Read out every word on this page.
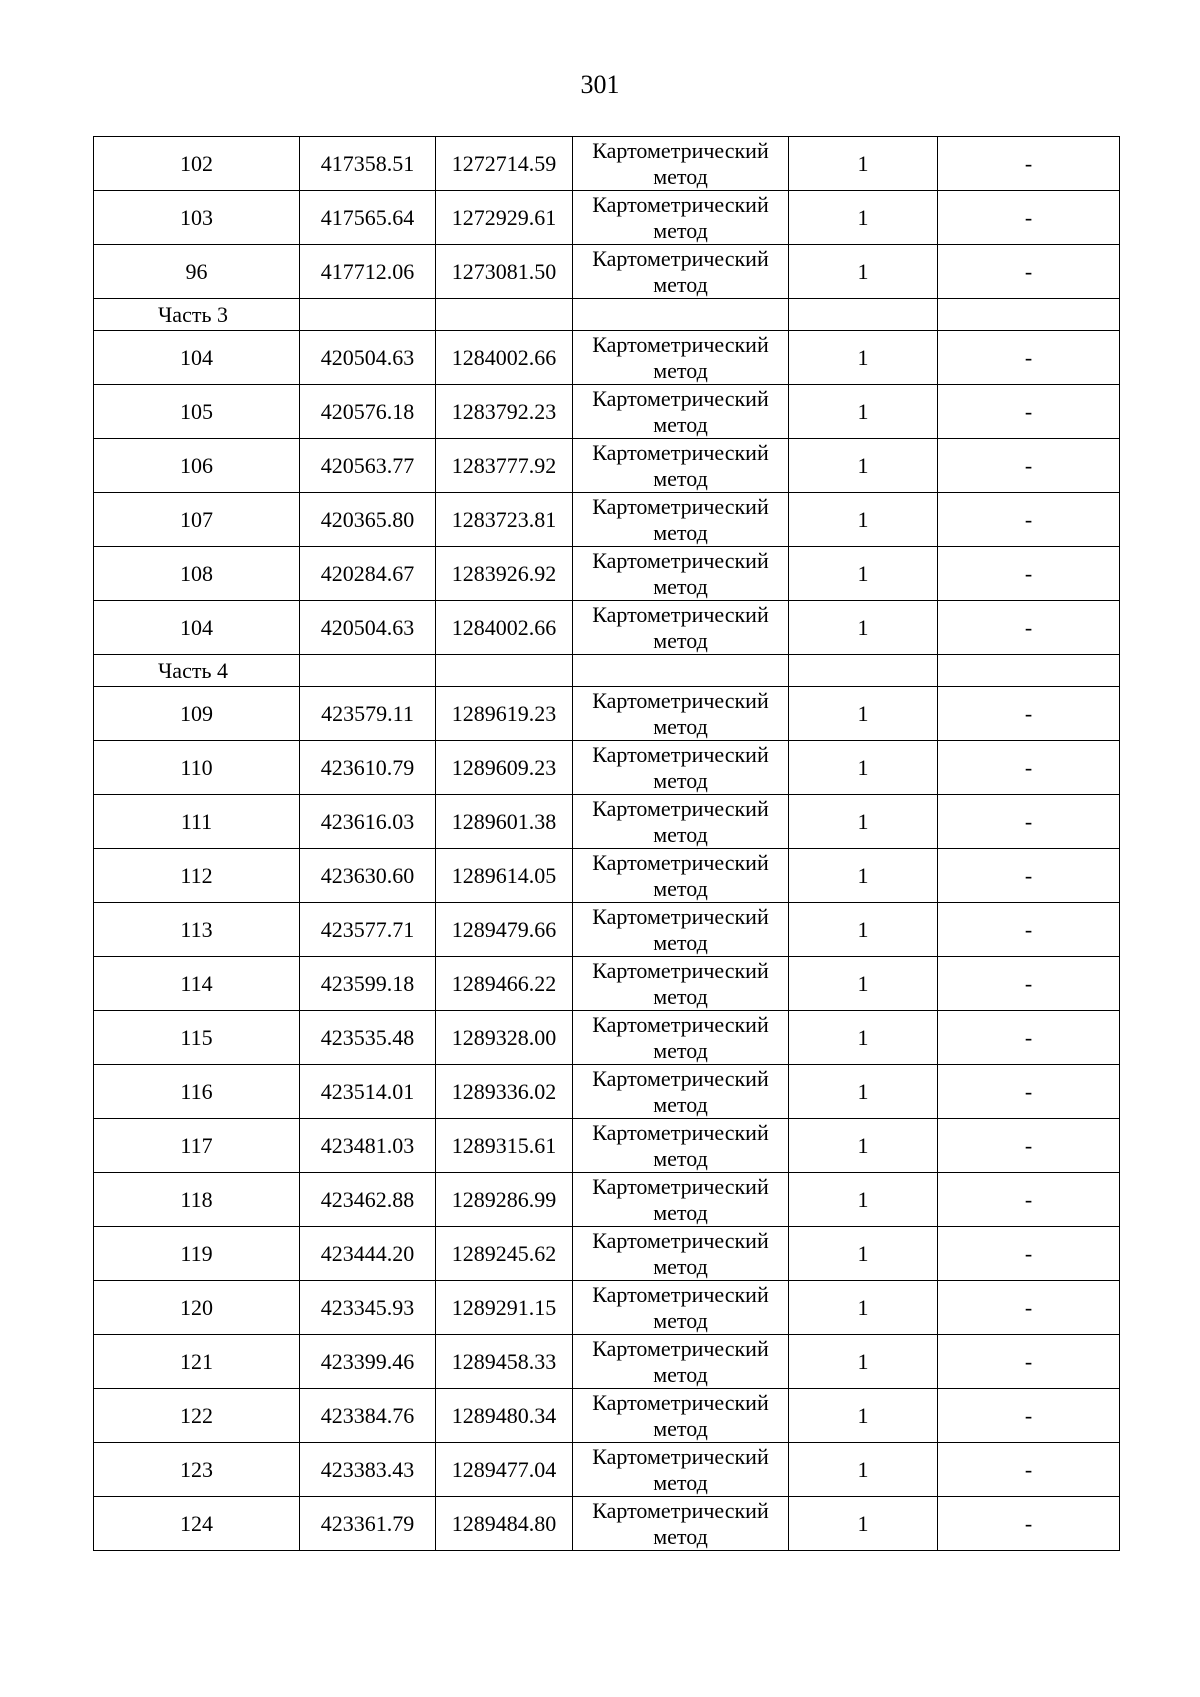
301
102	417358.51	1272714.59	Картометрический метод	1	-
103	417565.64	1272929.61	Картометрический метод	1	-
96	417712.06	1273081.50	Картометрический метод	1	-
Часть 3					
104	420504.63	1284002.66	Картометрический метод	1	-
105	420576.18	1283792.23	Картометрический метод	1	-
106	420563.77	1283777.92	Картометрический метод	1	-
107	420365.80	1283723.81	Картометрический метод	1	-
108	420284.67	1283926.92	Картометрический метод	1	-
104	420504.63	1284002.66	Картометрический метод	1	-
Часть 4					
109	423579.11	1289619.23	Картометрический метод	1	-
110	423610.79	1289609.23	Картометрический метод	1	-
111	423616.03	1289601.38	Картометрический метод	1	-
112	423630.60	1289614.05	Картометрический метод	1	-
113	423577.71	1289479.66	Картометрический метод	1	-
114	423599.18	1289466.22	Картометрический метод	1	-
115	423535.48	1289328.00	Картометрический метод	1	-
116	423514.01	1289336.02	Картометрический метод	1	-
117	423481.03	1289315.61	Картометрический метод	1	-
118	423462.88	1289286.99	Картометрический метод	1	-
119	423444.20	1289245.62	Картометрический метод	1	-
120	423345.93	1289291.15	Картометрический метод	1	-
121	423399.46	1289458.33	Картометрический метод	1	-
122	423384.76	1289480.34	Картометрический метод	1	-
123	423383.43	1289477.04	Картометрический метод	1	-
124	423361.79	1289484.80	Картометрический метод	1	-
